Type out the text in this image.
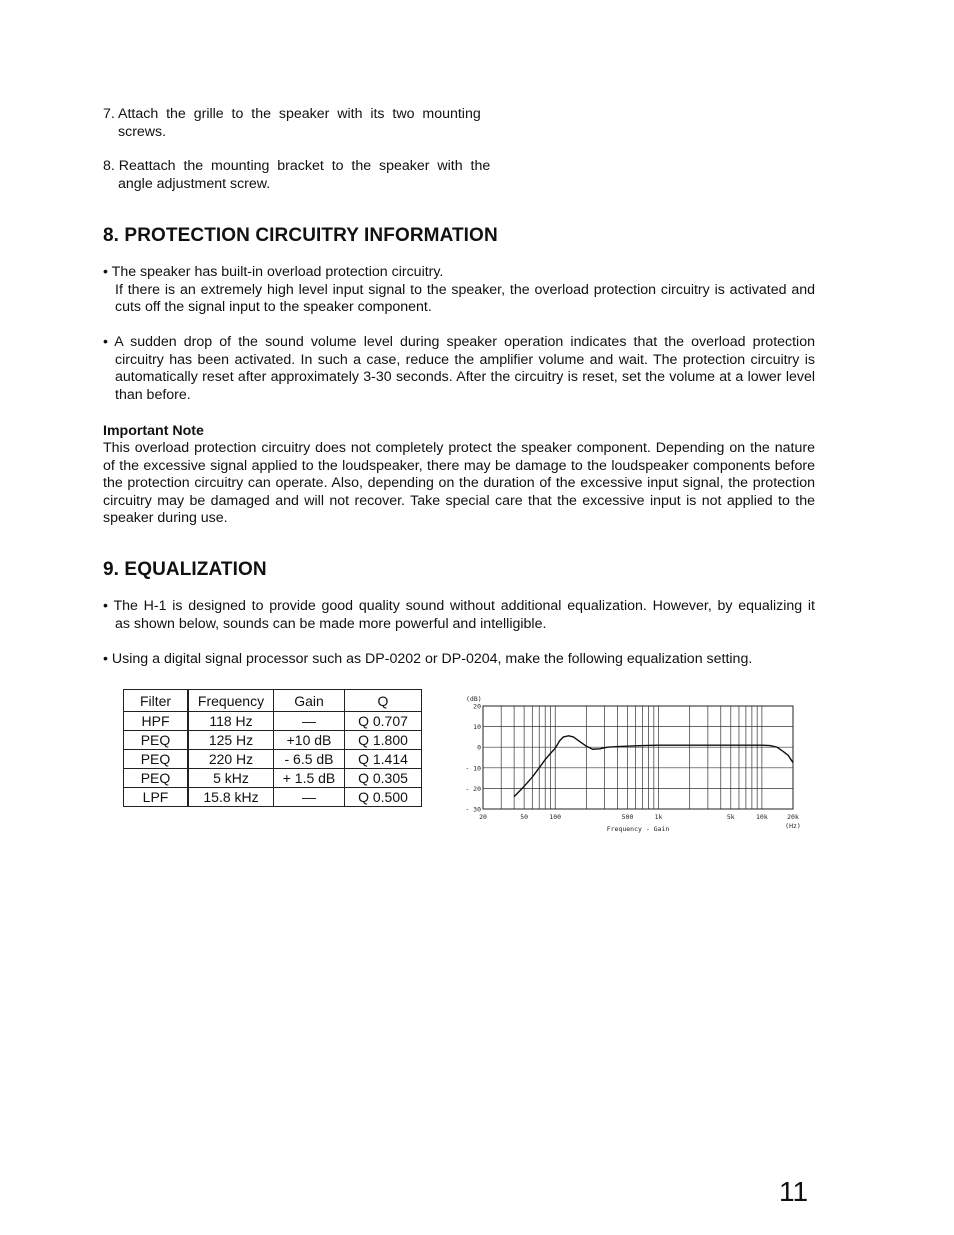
7. Attach  the  grille  to  the  speaker  with  its  two  mounting
screws.
8. Reattach  the  mounting  bracket  to  the  speaker  with  the
angle adjustment screw.
8. PROTECTION CIRCUITRY INFORMATION
• The speaker has built-in overload protection circuitry.
If there is an extremely high level input signal to the speaker, the overload protection circuitry is activated and cuts off the signal input to the speaker component.
• A sudden drop of the sound volume level during speaker operation indicates that the overload protection
circuitry has been activated. In such a case, reduce the amplifier volume and wait. The protection circuitry is automatically reset after approximately 3-30 seconds. After the circuitry is reset, set the volume at a lower level than before.
Important Note
This overload protection circuitry does not completely protect the speaker component. Depending on the nature of the excessive signal applied to the loudspeaker, there may be damage to the loudspeaker components before the protection circuitry can operate. Also, depending on the duration of the excessive input signal, the protection circuitry may be damaged and will not recover. Take special care that the excessive input is not applied to the speaker during use.
9. EQUALIZATION
• The H-1 is designed to provide good quality sound without additional equalization. However, by equalizing it
as shown below, sounds can be made more powerful and intelligible.
• Using a digital signal processor such as DP-0202 or DP-0204, make the following equalization setting.
Filter	Frequency	Gain	Q
HPF	118 Hz	—	Q 0.707
PEQ	125 Hz	+10 dB	Q 1.800
PEQ	220 Hz	- 6.5 dB	Q 1.414
PEQ	5 kHz	+ 1.5 dB	Q 0.305
LPF	15.8 kHz	—	Q 0.500
20
10
0
- 10
- 20
- 30
20	50	100	500	1k	5k	10k	20k
(dB)
(Hz)
Frequency - Gain
11
